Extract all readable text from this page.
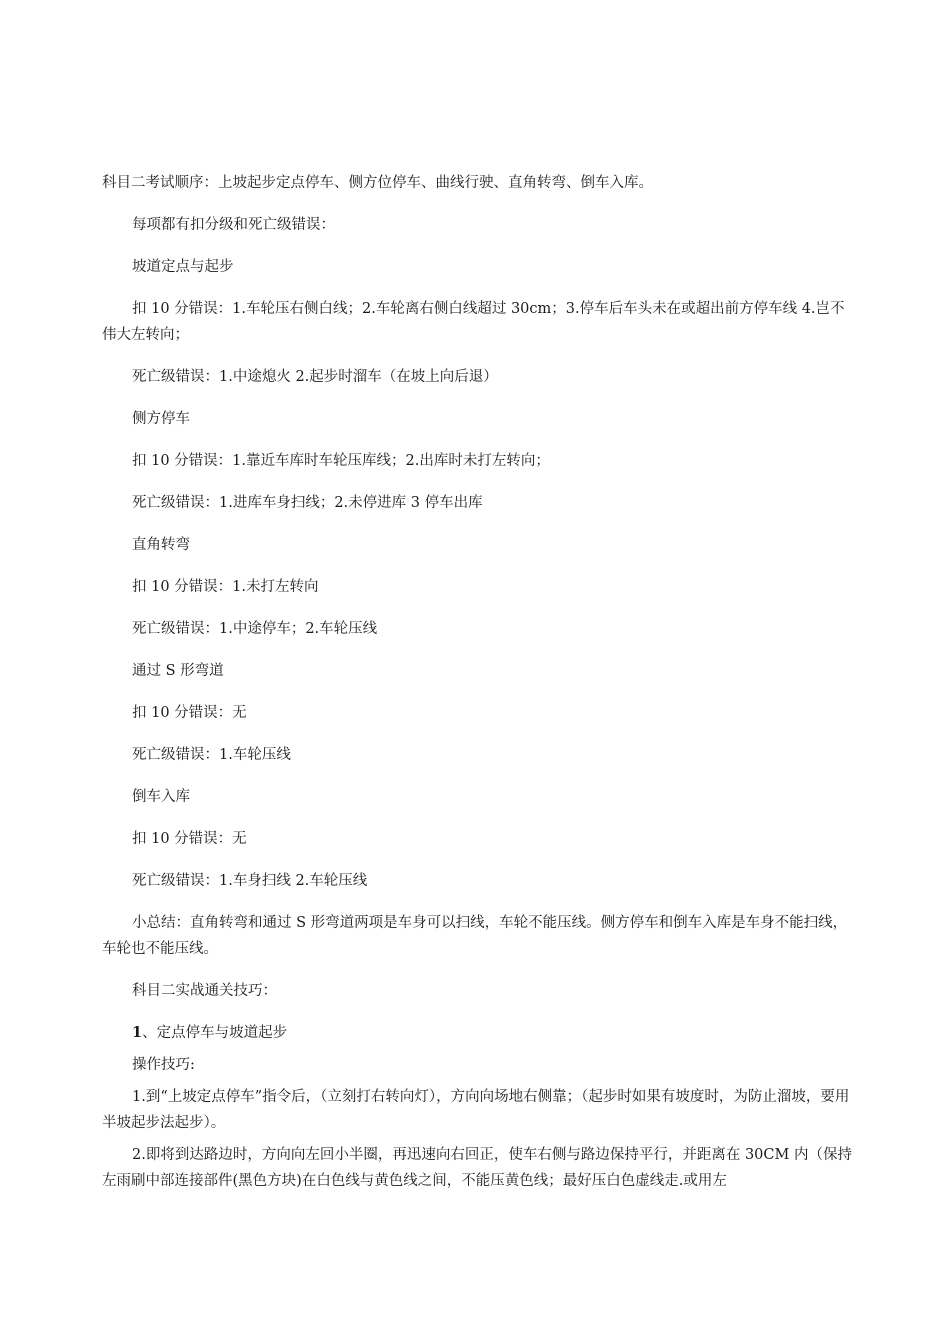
科目二考试顺序：上坡起步定点停车、侧方位停车、曲线行驶、直角转弯、倒车入库。

每项都有扣分级和死亡级错误：

坡道定点与起步

扣 10 分错误：1.车轮压右侧白线；2.车轮离右侧白线超过 30cm；3.停车后车头未在或超出前方停车线 4.岂不伟大左转向；

死亡级错误：1.中途熄火 2.起步时溜车（在坡上向后退）

侧方停车

扣 10 分错误：1.靠近车库时车轮压库线；2.出库时未打左转向；

死亡级错误：1.进库车身扫线；2.未停进库 3 停车出库

直角转弯

扣 10 分错误：1.未打左转向

死亡级错误：1.中途停车；2.车轮压线

通过 S 形弯道

扣 10 分错误：无

死亡级错误：1.车轮压线

倒车入库

扣 10 分错误：无

死亡级错误：1.车身扫线 2.车轮压线

小总结：直角转弯和通过 S 形弯道两项是车身可以扫线，车轮不能压线。侧方停车和倒车入库是车身不能扫线，车轮也不能压线。

科目二实战通关技巧：

1、定点停车与坡道起步

操作技巧:

1.到“上坡定点停车”指令后，（立刻打右转向灯），方向向场地右侧靠；（起步时如果有坡度时，为防止溜坡，要用半坡起步法起步）。

2.即将到达路边时，方向向左回小半圈，再迅速向右回正，使车右侧与路边保持平行，并距离在 30CM 内（保持左雨刷中部连接部件(黑色方块)在白色线与黄色线之间，不能压黄色线；最好压白色虚线走.或用左
